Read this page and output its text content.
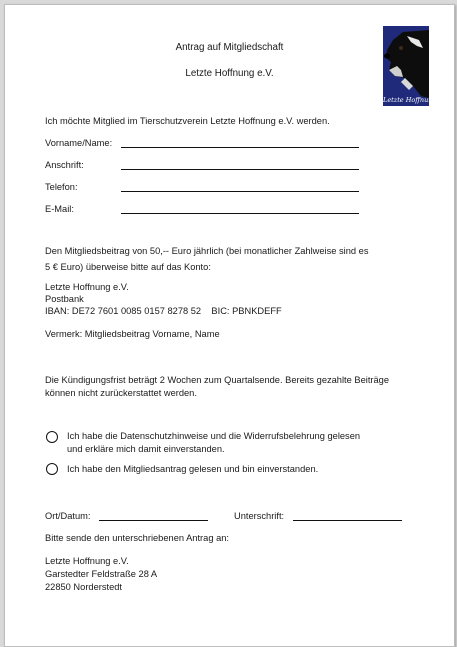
Antrag auf Mitgliedschaft
Letzte Hoffnung e.V.
Letzte Hoffnung
Ich möchte Mitglied im Tierschutzverein Letzte Hoffnung e.V. werden.
Vorname/Name:
Anschrift:
Telefon:
E-Mail:
Den Mitgliedsbeitrag von 50,-- Euro jährlich (bei monatlicher Zahlweise sind es
5 € Euro) überweise bitte auf das Konto:
Letzte Hoffnung e.V.
Postbank
IBAN: DE72 7601 0085 0157 8278 52    BIC: PBNKDEFF
Vermerk: Mitgliedsbeitrag Vorname, Name
Die Kündigungsfrist beträgt 2 Wochen zum Quartalsende. Bereits gezahlte Beiträge
können nicht zurückerstattet werden.
Ich habe die Datenschutzhinweise und die Widerrufsbelehrung gelesen
und erkläre mich damit einverstanden.
Ich habe den Mitgliedsantrag gelesen und bin einverstanden.
Ort/Datum:	Unterschrift:
Bitte sende den unterschriebenen Antrag an:
Letzte Hoffnung e.V.
Garstedter Feldstraße 28 A
22850 Norderstedt
